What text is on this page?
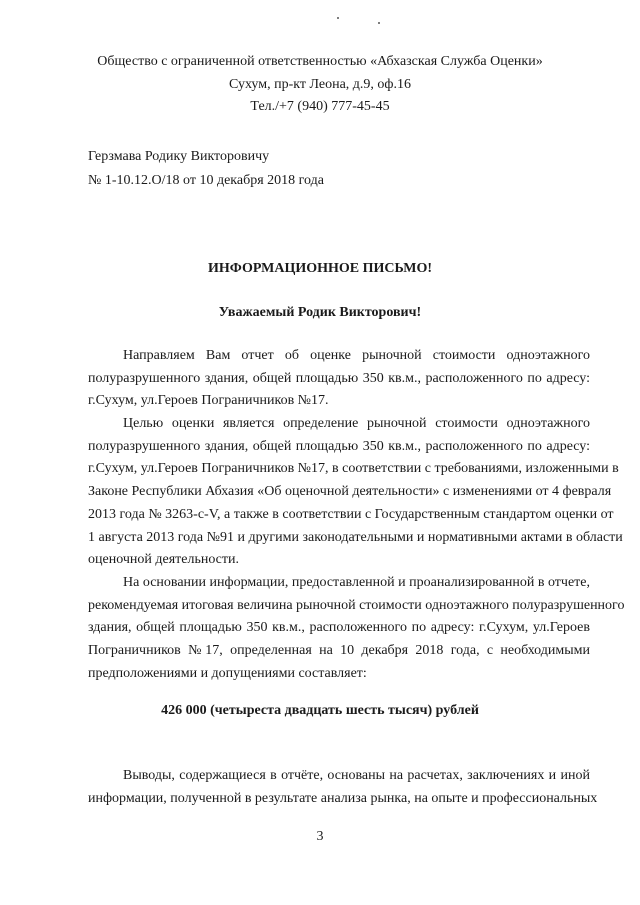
Общество с ограниченной ответственностью «Абхазская Служба Оценки»
Сухум, пр-кт Леона, д.9, оф.16
Тел./+7 (940) 777-45-45
Герзмава Родику Викторовичу
№ 1-10.12.О/18 от 10 декабря 2018 года
ИНФОРМАЦИОННОЕ ПИСЬМО!
Уважаемый Родик Викторович!
Направляем Вам отчет об оценке рыночной стоимости одноэтажного
полуразрушенного здания, общей площадью 350 кв.м., расположенного по адресу:
г.Сухум, ул.Героев Пограничников №17.
Целью оценки является определение рыночной стоимости одноэтажного
полуразрушенного здания, общей площадью 350 кв.м., расположенного по адресу:
г.Сухум, ул.Героев Пограничников №17, в соответствии с требованиями, изложенными в
Законе Республики Абхазия «Об оценочной деятельности» с изменениями от 4 февраля
2013 года № 3263-с-V, а также в соответствии с Государственным стандартом оценки от
1 августа 2013 года №91 и другими законодательными и нормативными актами в области
оценочной деятельности.
На основании информации, предоставленной и проанализированной в отчете,
рекомендуемая итоговая величина рыночной стоимости одноэтажного полуразрушенного
здания, общей площадью 350 кв.м., расположенного по адресу: г.Сухум, ул.Героев
Пограничников №17, определенная на 10 декабря 2018 года, с необходимыми
предположениями и допущениями составляет:
426 000 (четыреста двадцать шесть тысяч) рублей
Выводы, содержащиеся в отчёте, основаны на расчетах, заключениях и иной
информации, полученной в результате анализа рынка, на опыте и профессиональных
3
